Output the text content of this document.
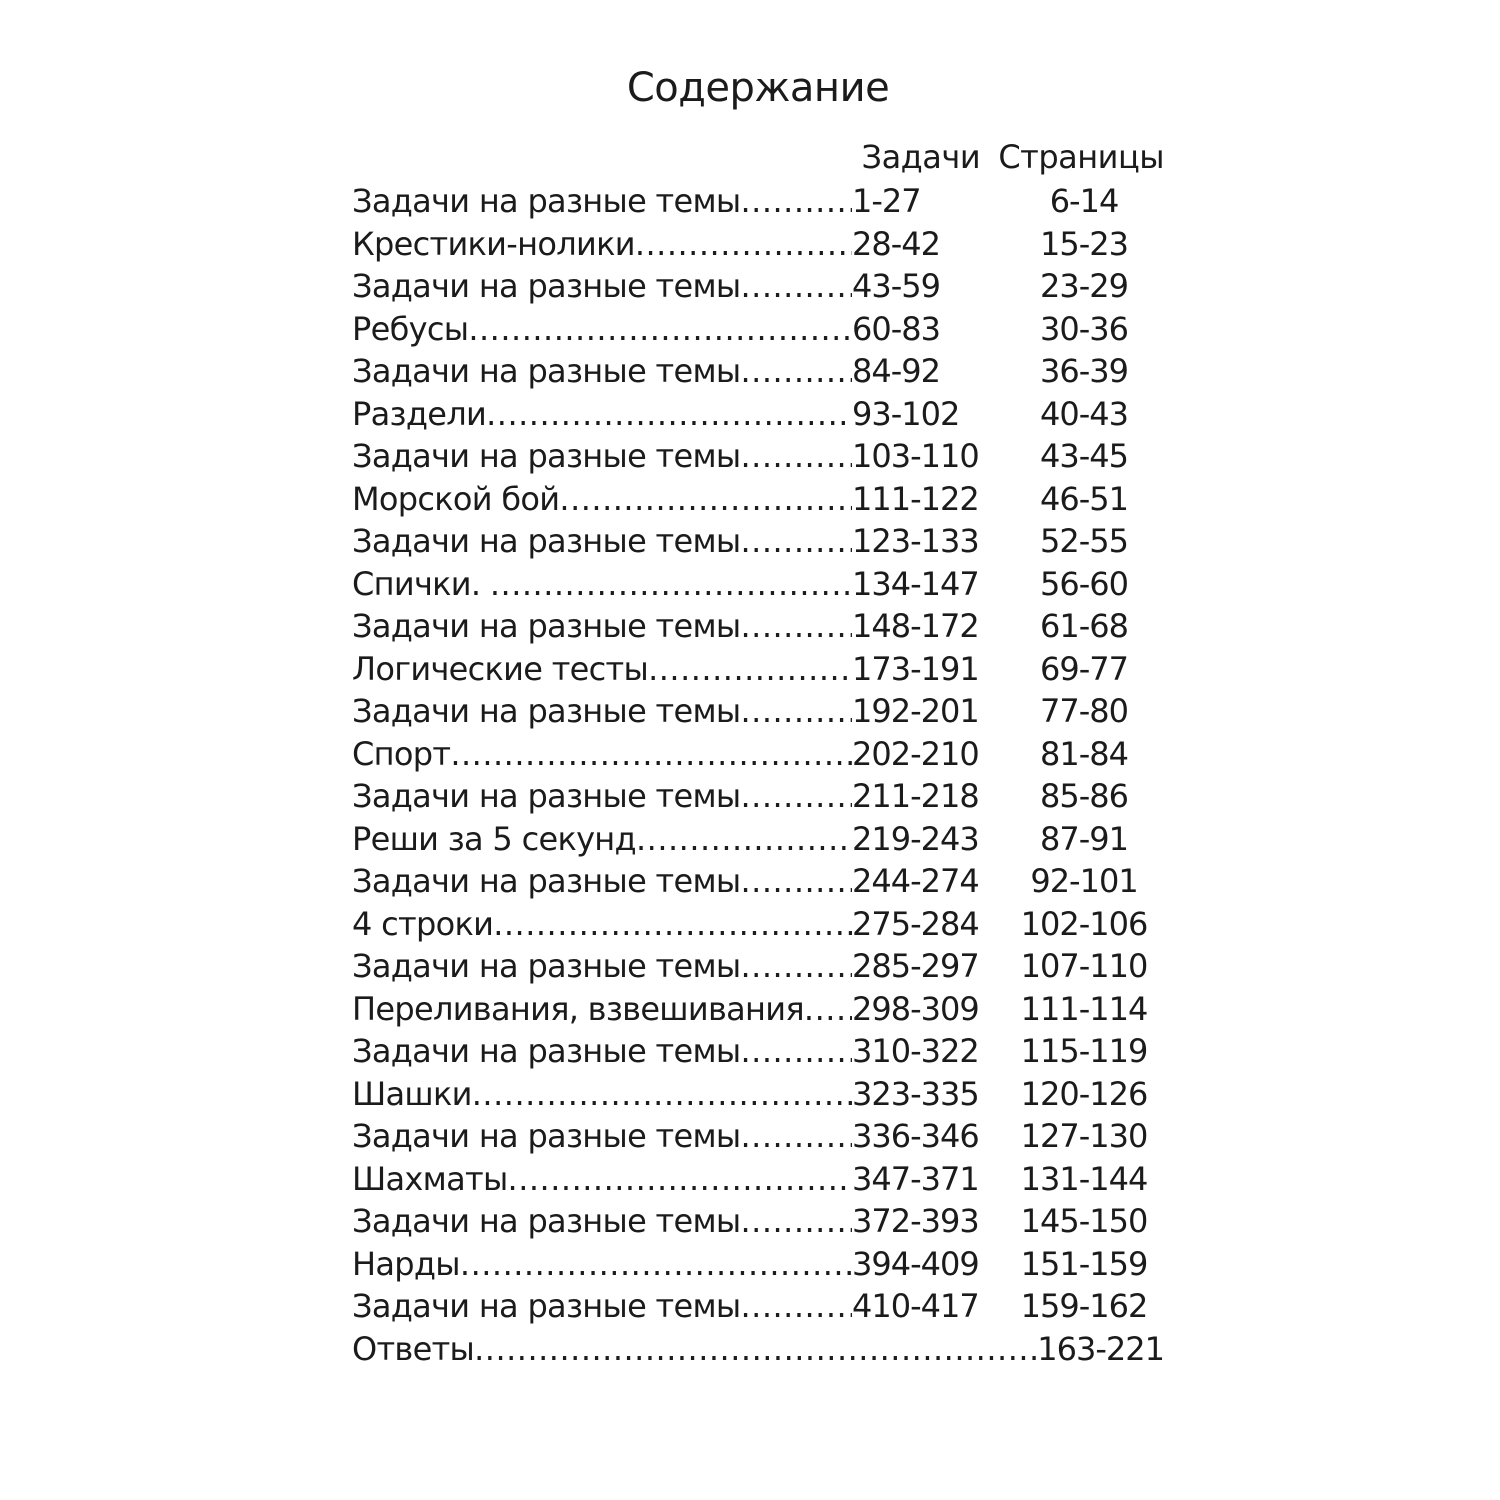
Содержание
Задачи Страницы
Задачи на разные темы .....	1-27	6-14
Крестики-нолики .....	28-42	15-23
Задачи на разные темы .....	43-59	23-29
Ребусы .....	60-83	30-36
Задачи на разные темы .....	84-92	36-39
Раздели .....	93-102	40-43
Задачи на разные темы .....	103-110	43-45
Морской бой .....	111-122	46-51
Задачи на разные темы .....	123-133	52-55
Спички. .....	134-147	56-60
Задачи на разные темы .....	148-172	61-68
Логические тесты .....	173-191	69-77
Задачи на разные темы .....	192-201	77-80
Спорт .....	202-210	81-84
Задачи на разные темы .....	211-218	85-86
Реши за 5 секунд .....	219-243	87-91
Задачи на разные темы .....	244-274	92-101
4 строки .....	275-284	102-106
Задачи на разные темы .....	285-297	107-110
Переливания, взвешивания ..... 298-309	111-114
Задачи на разные темы .....	310-322	115-119
Шашки .....	323-335	120-126
Задачи на разные темы .....	336-346	127-130
Шахматы .....	347-371	131-144
Задачи на разные темы .....	372-393	145-150
Нарды .....	394-409	151-159
Задачи на разные темы .....	410-417	159-162
Ответы .....	163-221
